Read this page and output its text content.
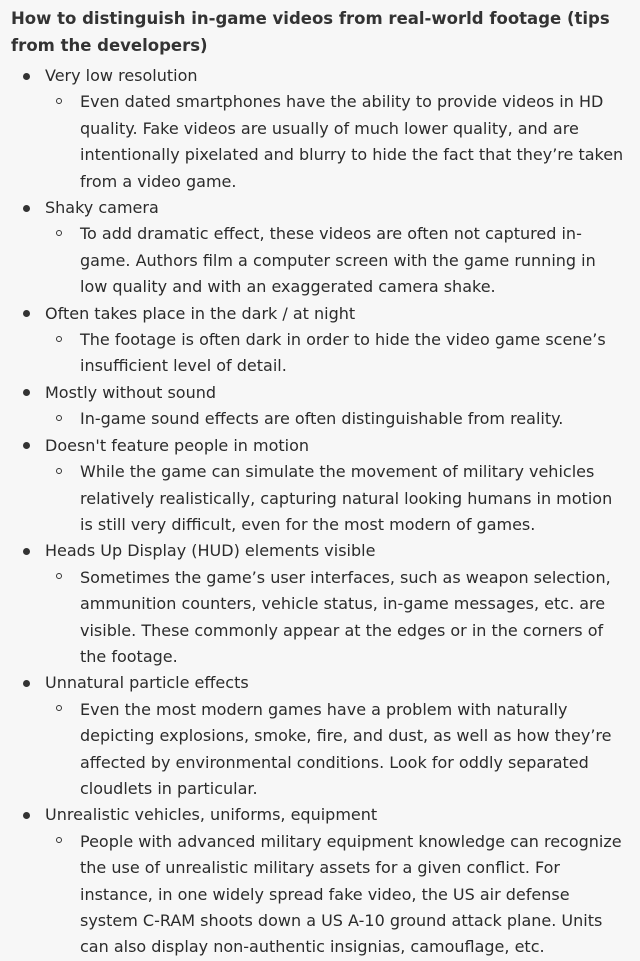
How to distinguish in-game videos from real-world footage (tips from the developers)
Very low resolution
Even dated smartphones have the ability to provide videos in HD quality. Fake videos are usually of much lower quality, and are intentionally pixelated and blurry to hide the fact that they’re taken from a video game.
Shaky camera
To add dramatic effect, these videos are often not captured in-game. Authors film a computer screen with the game running in low quality and with an exaggerated camera shake.
Often takes place in the dark / at night
The footage is often dark in order to hide the video game scene’s insufficient level of detail.
Mostly without sound
In-game sound effects are often distinguishable from reality.
Doesn't feature people in motion
While the game can simulate the movement of military vehicles relatively realistically, capturing natural looking humans in motion is still very difficult, even for the most modern of games.
Heads Up Display (HUD) elements visible
Sometimes the game’s user interfaces, such as weapon selection, ammunition counters, vehicle status, in-game messages, etc. are visible. These commonly appear at the edges or in the corners of the footage.
Unnatural particle effects
Even the most modern games have a problem with naturally depicting explosions, smoke, fire, and dust, as well as how they’re affected by environmental conditions. Look for oddly separated cloudlets in particular.
Unrealistic vehicles, uniforms, equipment
People with advanced military equipment knowledge can recognize the use of unrealistic military assets for a given conflict. For instance, in one widely spread fake video, the US air defense system C-RAM shoots down a US A-10 ground attack plane. Units can also display non-authentic insignias, camouflage, etc.
